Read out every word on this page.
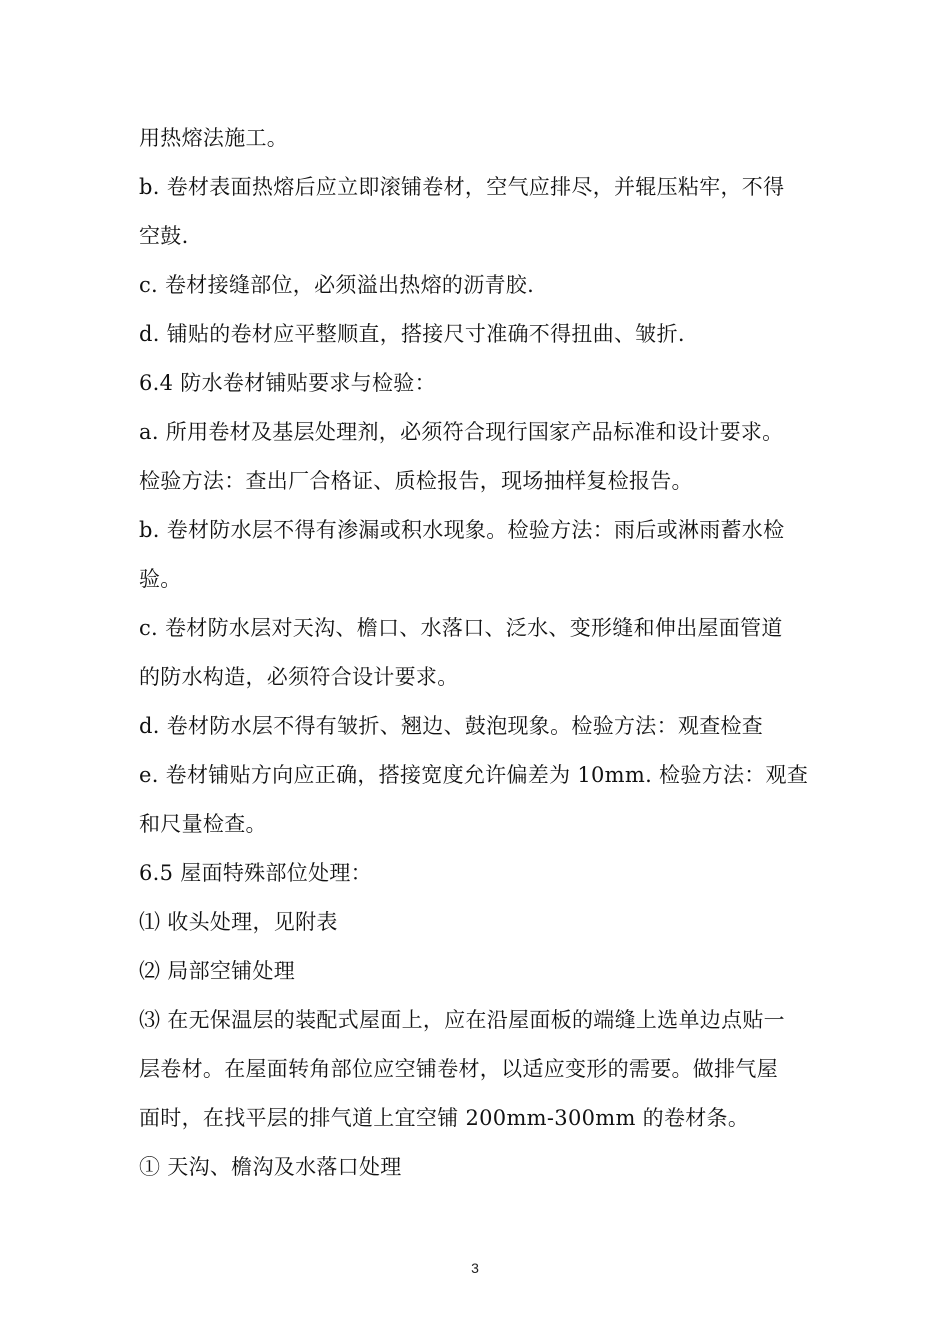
用热熔法施工。
b. 卷材表面热熔后应立即滚铺卷材，空气应排尽，并辊压粘牢，不得
空鼓.
c. 卷材接缝部位，必须溢出热熔的沥青胶.
d. 铺贴的卷材应平整顺直，搭接尺寸准确不得扭曲、皱折.
6.4 防水卷材铺贴要求与检验：
a. 所用卷材及基层处理剂，必须符合现行国家产品标准和设计要求。
检验方法：查出厂合格证、质检报告，现场抽样复检报告。
b. 卷材防水层不得有渗漏或积水现象。检验方法：雨后或淋雨蓄水检
验。
c. 卷材防水层对天沟、檐口、水落口、泛水、变形缝和伸出屋面管道
的防水构造，必须符合设计要求。
d. 卷材防水层不得有皱折、翘边、鼓泡现象。检验方法：观查检查
e. 卷材铺贴方向应正确，搭接宽度允许偏差为 10mm. 检验方法：观查
和尺量检查。
6.5 屋面特殊部位处理：
⑴ 收头处理，见附表
⑵ 局部空铺处理
⑶ 在无保温层的装配式屋面上，应在沿屋面板的端缝上选单边点贴一
层卷材。在屋面转角部位应空铺卷材，以适应变形的需要。做排气屋
面时，在找平层的排气道上宜空铺 200mm-300mm 的卷材条。
① 天沟、檐沟及水落口处理
3
